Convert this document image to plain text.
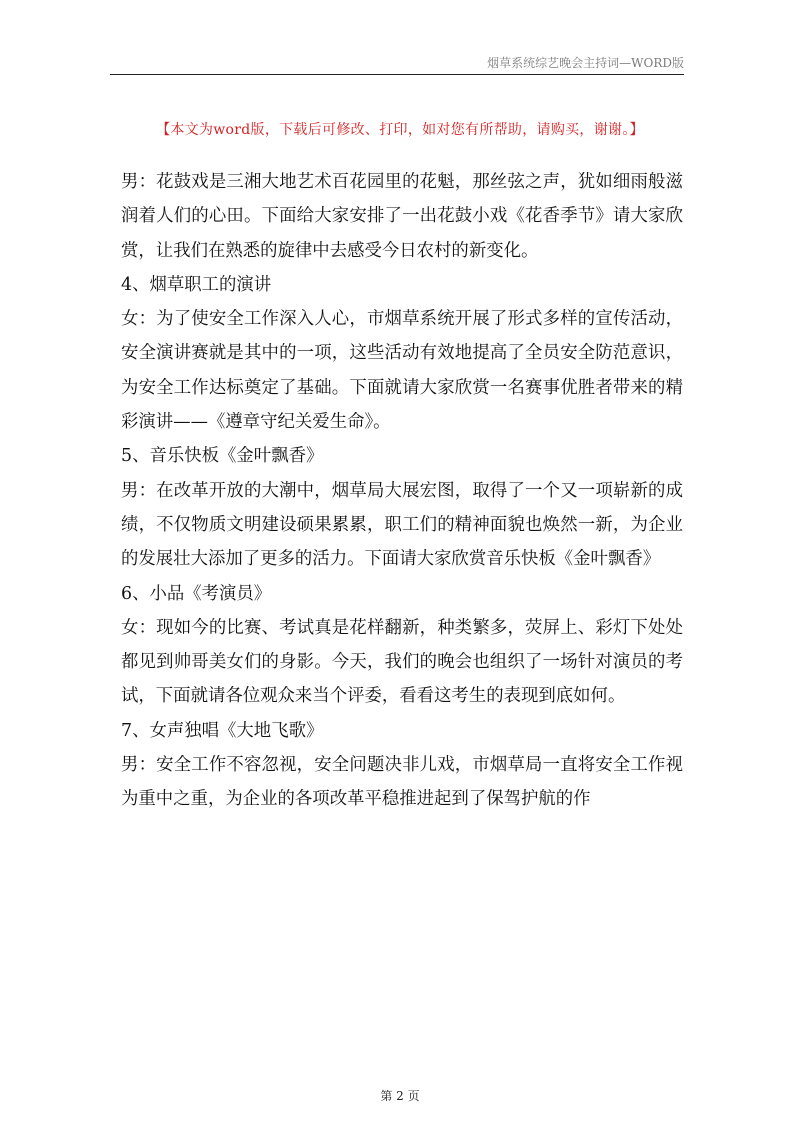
烟草系统综艺晚会主持词—WORD版
【本文为word版，下载后可修改、打印，如对您有所帮助，请购买，谢谢。】

男：花鼓戏是三湘大地艺术百花园里的花魁，那丝弦之声，犹如细雨般滋润着人们的心田。下面给大家安排了一出花鼓小戏《花香季节》请大家欣赏，让我们在熟悉的旋律中去感受今日农村的新变化。

4、烟草职工的演讲

女：为了使安全工作深入人心，市烟草系统开展了形式多样的宣传活动，安全演讲赛就是其中的一项，这些活动有效地提高了全员安全防范意识，为安全工作达标奠定了基础。下面就请大家欣赏一名赛事优胜者带来的精彩演讲——《遵章守纪关爱生命》。

5、音乐快板《金叶飘香》

男：在改革开放的大潮中，烟草局大展宏图，取得了一个又一项崭新的成绩，不仅物质文明建设硕果累累，职工们的精神面貌也焕然一新，为企业的发展壮大添加了更多的活力。下面请大家欣赏音乐快板《金叶飘香》

6、小品《考演员》

女：现如今的比赛、考试真是花样翻新，种类繁多，荧屏上、彩灯下处处都见到帅哥美女们的身影。今天，我们的晚会也组织了一场针对演员的考试，下面就请各位观众来当个评委，看看这考生的表现到底如何。

7、女声独唱《大地飞歌》

男：安全工作不容忽视，安全问题决非儿戏，市烟草局一直将安全工作视为重中之重，为企业的各项改革平稳推进起到了保驾护航的作

第 2 页
